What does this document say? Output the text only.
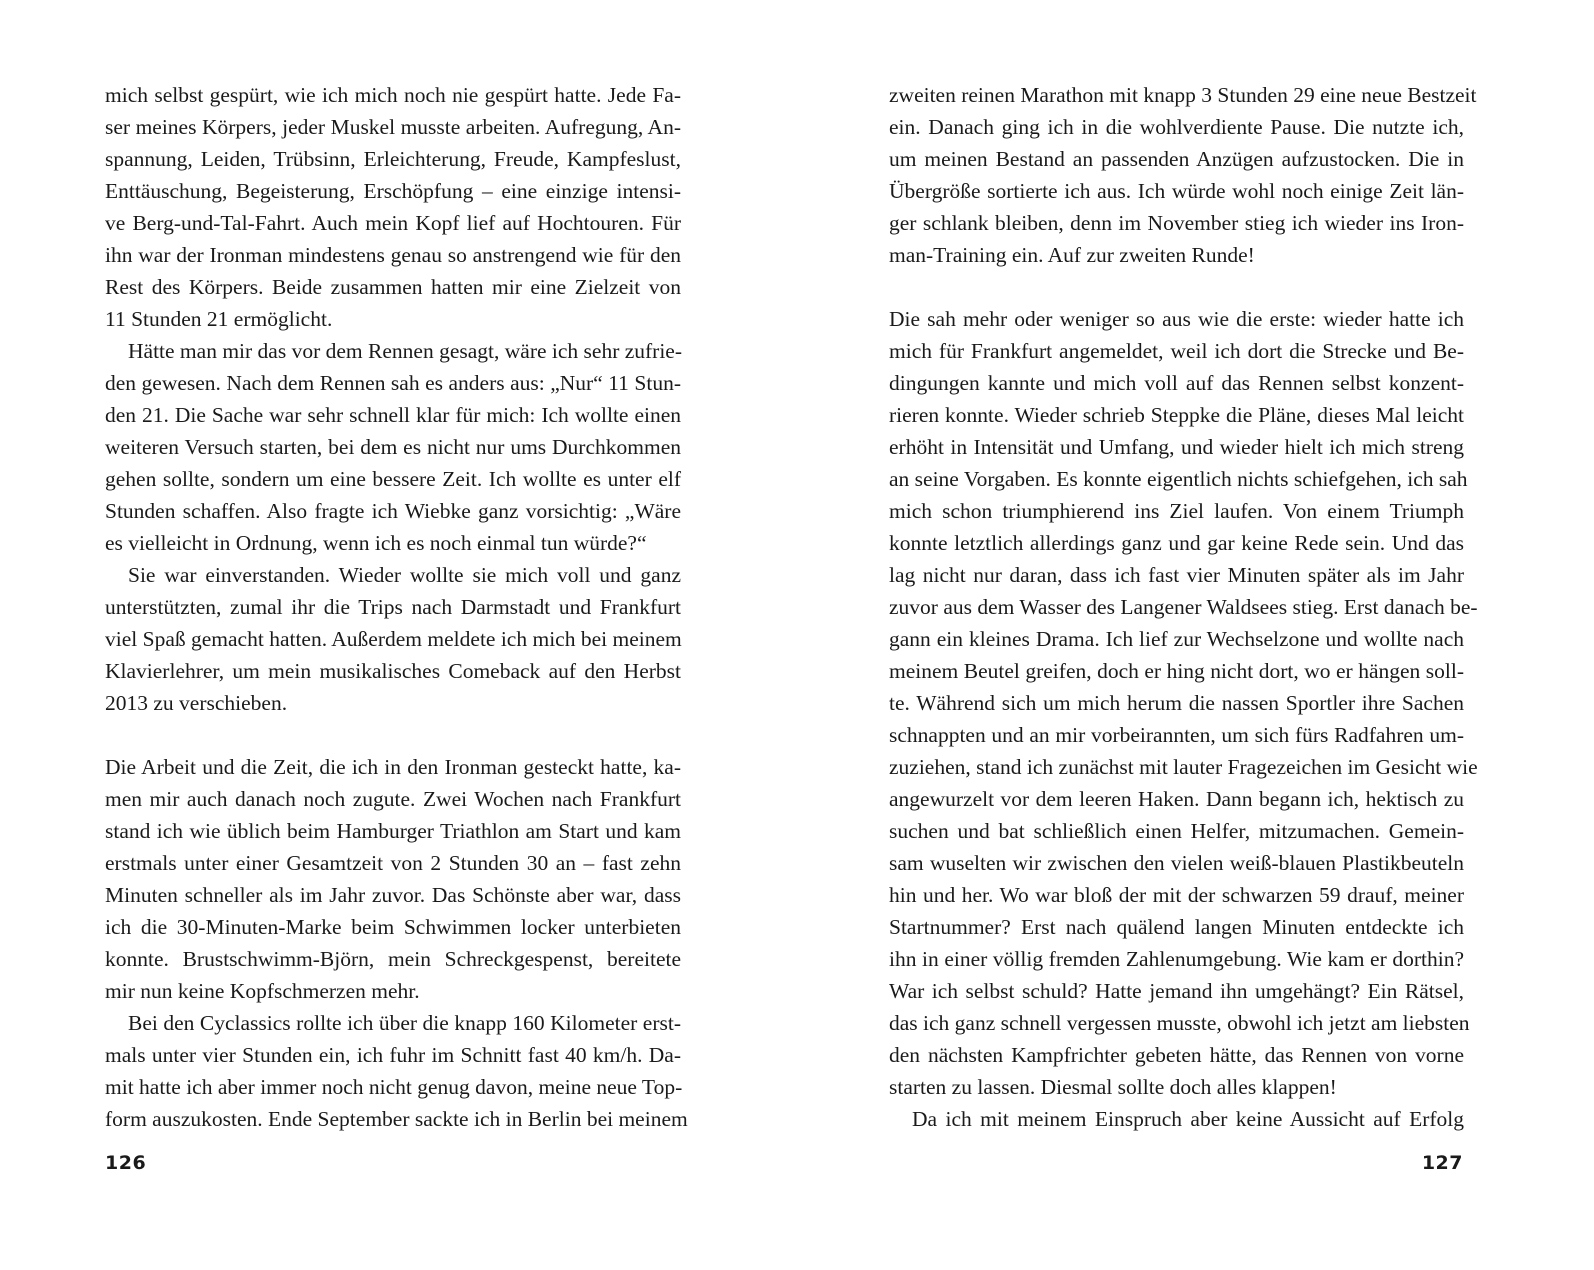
mich selbst gespürt, wie ich mich noch nie gespürt hatte. Jede Fa-
ser meines Körpers, jeder Muskel musste arbeiten. Aufregung, An-
spannung, Leiden, Trübsinn, Erleichterung, Freude, Kampfeslust,
Enttäuschung, Begeisterung, Erschöpfung – eine einzige intensi-
ve Berg-und-Tal-Fahrt. Auch mein Kopf lief auf Hochtouren. Für
ihn war der Ironman mindestens genau so anstrengend wie für den
Rest des Körpers. Beide zusammen hatten mir eine Zielzeit von
11 Stunden 21 ermöglicht.
Hätte man mir das vor dem Rennen gesagt, wäre ich sehr zufrie-
den gewesen. Nach dem Rennen sah es anders aus: „Nur“ 11 Stun-
den 21. Die Sache war sehr schnell klar für mich: Ich wollte einen
weiteren Versuch starten, bei dem es nicht nur ums Durchkommen
gehen sollte, sondern um eine bessere Zeit. Ich wollte es unter elf
Stunden schaffen. Also fragte ich Wiebke ganz vorsichtig: „Wäre
es vielleicht in Ordnung, wenn ich es noch einmal tun würde?“
Sie war einverstanden. Wieder wollte sie mich voll und ganz
unterstützten, zumal ihr die Trips nach Darmstadt und Frankfurt
viel Spaß gemacht hatten. Außerdem meldete ich mich bei meinem
Klavierlehrer, um mein musikalisches Comeback auf den Herbst
2013 zu verschieben.
Die Arbeit und die Zeit, die ich in den Ironman gesteckt hatte, ka-
men mir auch danach noch zugute. Zwei Wochen nach Frankfurt
stand ich wie üblich beim Hamburger Triathlon am Start und kam
erstmals unter einer Gesamtzeit von 2 Stunden 30 an – fast zehn
Minuten schneller als im Jahr zuvor. Das Schönste aber war, dass
ich die 30-Minuten-Marke beim Schwimmen locker unterbieten
konnte. Brustschwimm-Björn, mein Schreckgespenst, bereitete
mir nun keine Kopfschmerzen mehr.
Bei den Cyclassics rollte ich über die knapp 160 Kilometer erst-
mals unter vier Stunden ein, ich fuhr im Schnitt fast 40 km/h. Da-
mit hatte ich aber immer noch nicht genug davon, meine neue Top-
form auszukosten. Ende September sackte ich in Berlin bei meinem
126
zweiten reinen Marathon mit knapp 3 Stunden 29 eine neue Bestzeit
ein. Danach ging ich in die wohlverdiente Pause. Die nutzte ich,
um meinen Bestand an passenden Anzügen aufzustocken. Die in
Übergröße sortierte ich aus. Ich würde wohl noch einige Zeit län-
ger schlank bleiben, denn im November stieg ich wieder ins Iron-
man-Training ein. Auf zur zweiten Runde!
Die sah mehr oder weniger so aus wie die erste: wieder hatte ich
mich für Frankfurt angemeldet, weil ich dort die Strecke und Be-
dingungen kannte und mich voll auf das Rennen selbst konzent-
rieren konnte. Wieder schrieb Steppke die Pläne, dieses Mal leicht
erhöht in Intensität und Umfang, und wieder hielt ich mich streng
an seine Vorgaben. Es konnte eigentlich nichts schiefgehen, ich sah
mich schon triumphierend ins Ziel laufen. Von einem Triumph
konnte letztlich allerdings ganz und gar keine Rede sein. Und das
lag nicht nur daran, dass ich fast vier Minuten später als im Jahr
zuvor aus dem Wasser des Langener Waldsees stieg. Erst danach be-
gann ein kleines Drama. Ich lief zur Wechselzone und wollte nach
meinem Beutel greifen, doch er hing nicht dort, wo er hängen soll-
te. Während sich um mich herum die nassen Sportler ihre Sachen
schnappten und an mir vorbeirannten, um sich fürs Radfahren um-
zuziehen, stand ich zunächst mit lauter Fragezeichen im Gesicht wie
angewurzelt vor dem leeren Haken. Dann begann ich, hektisch zu
suchen und bat schließlich einen Helfer, mitzumachen. Gemein-
sam wuselten wir zwischen den vielen weiß-blauen Plastikbeuteln
hin und her. Wo war bloß der mit der schwarzen 59 drauf, meiner
Startnummer? Erst nach quälend langen Minuten entdeckte ich
ihn in einer völlig fremden Zahlenumgebung. Wie kam er dorthin?
War ich selbst schuld? Hatte jemand ihn umgehängt? Ein Rätsel,
das ich ganz schnell vergessen musste, obwohl ich jetzt am liebsten
den nächsten Kampfrichter gebeten hätte, das Rennen von vorne
starten zu lassen. Diesmal sollte doch alles klappen!
Da ich mit meinem Einspruch aber keine Aussicht auf Erfolg
127
